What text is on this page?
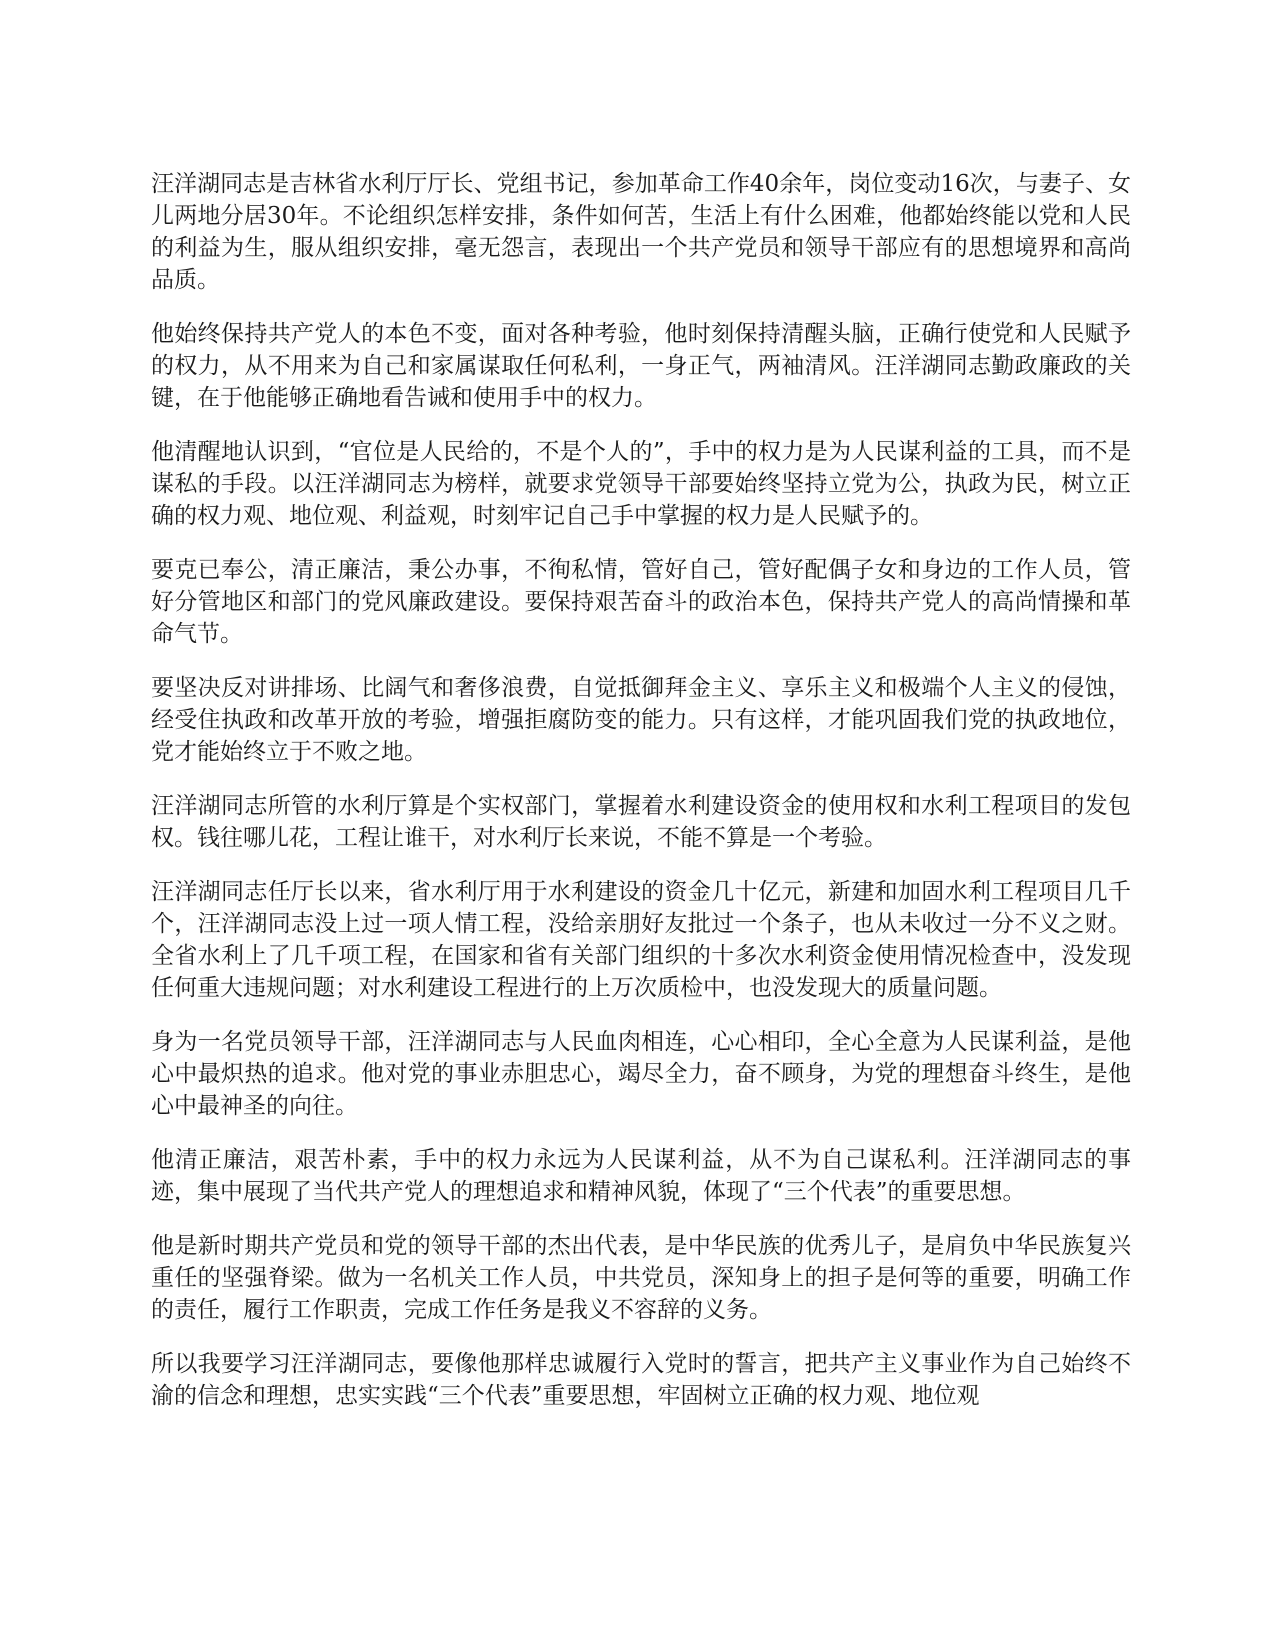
汪洋湖同志是吉林省水利厅厅长、党组书记，参加革命工作40余年，岗位变动16次，与妻子、女儿两地分居30年。不论组织怎样安排，条件如何苦，生活上有什么困难，他都始终能以党和人民的利益为生，服从组织安排，毫无怨言，表现出一个共产党员和领导干部应有的思想境界和高尚品质。

他始终保持共产党人的本色不变，面对各种考验，他时刻保持清醒头脑，正确行使党和人民赋予的权力，从不用来为自己和家属谋取任何私利，一身正气，两袖清风。汪洋湖同志勤政廉政的关键，在于他能够正确地看告诫和使用手中的权力。

他清醒地认识到，“官位是人民给的，不是个人的”，手中的权力是为人民谋利益的工具，而不是谋私的手段。以汪洋湖同志为榜样，就要求党领导干部要始终坚持立党为公，执政为民，树立正确的权力观、地位观、利益观，时刻牢记自己手中掌握的权力是人民赋予的。

要克已奉公，清正廉洁，秉公办事，不徇私情，管好自己，管好配偶子女和身边的工作人员，管好分管地区和部门的党风廉政建设。要保持艰苦奋斗的政治本色，保持共产党人的高尚情操和革命气节。

要坚决反对讲排场、比阔气和奢侈浪费，自觉抵御拜金主义、享乐主义和极端个人主义的侵蚀，经受住执政和改革开放的考验，增强拒腐防变的能力。只有这样，才能巩固我们党的执政地位，党才能始终立于不败之地。

汪洋湖同志所管的水利厅算是个实权部门，掌握着水利建设资金的使用权和水利工程项目的发包权。钱往哪儿花，工程让谁干，对水利厅长来说，不能不算是一个考验。

汪洋湖同志任厅长以来，省水利厅用于水利建设的资金几十亿元，新建和加固水利工程项目几千个，汪洋湖同志没上过一项人情工程，没给亲朋好友批过一个条子，也从未收过一分不义之财。全省水利上了几千项工程，在国家和省有关部门组织的十多次水利资金使用情况检查中，没发现任何重大违规问题；对水利建设工程进行的上万次质检中，也没发现大的质量问题。

身为一名党员领导干部，汪洋湖同志与人民血肉相连，心心相印，全心全意为人民谋利益，是他心中最炽热的追求。他对党的事业赤胆忠心，竭尽全力，奋不顾身，为党的理想奋斗终生，是他心中最神圣的向往。

他清正廉洁，艰苦朴素，手中的权力永远为人民谋利益，从不为自己谋私利。汪洋湖同志的事迹，集中展现了当代共产党人的理想追求和精神风貌，体现了“三个代表”的重要思想。

他是新时期共产党员和党的领导干部的杰出代表，是中华民族的优秀儿子，是肩负中华民族复兴重任的坚强脊梁。做为一名机关工作人员，中共党员，深知身上的担子是何等的重要，明确工作的责任，履行工作职责，完成工作任务是我义不容辞的义务。

所以我要学习汪洋湖同志，要像他那样忠诚履行入党时的誓言，把共产主义事业作为自己始终不渝的信念和理想，忠实实践“三个代表”重要思想，牢固树立正确的权力观、地位观
